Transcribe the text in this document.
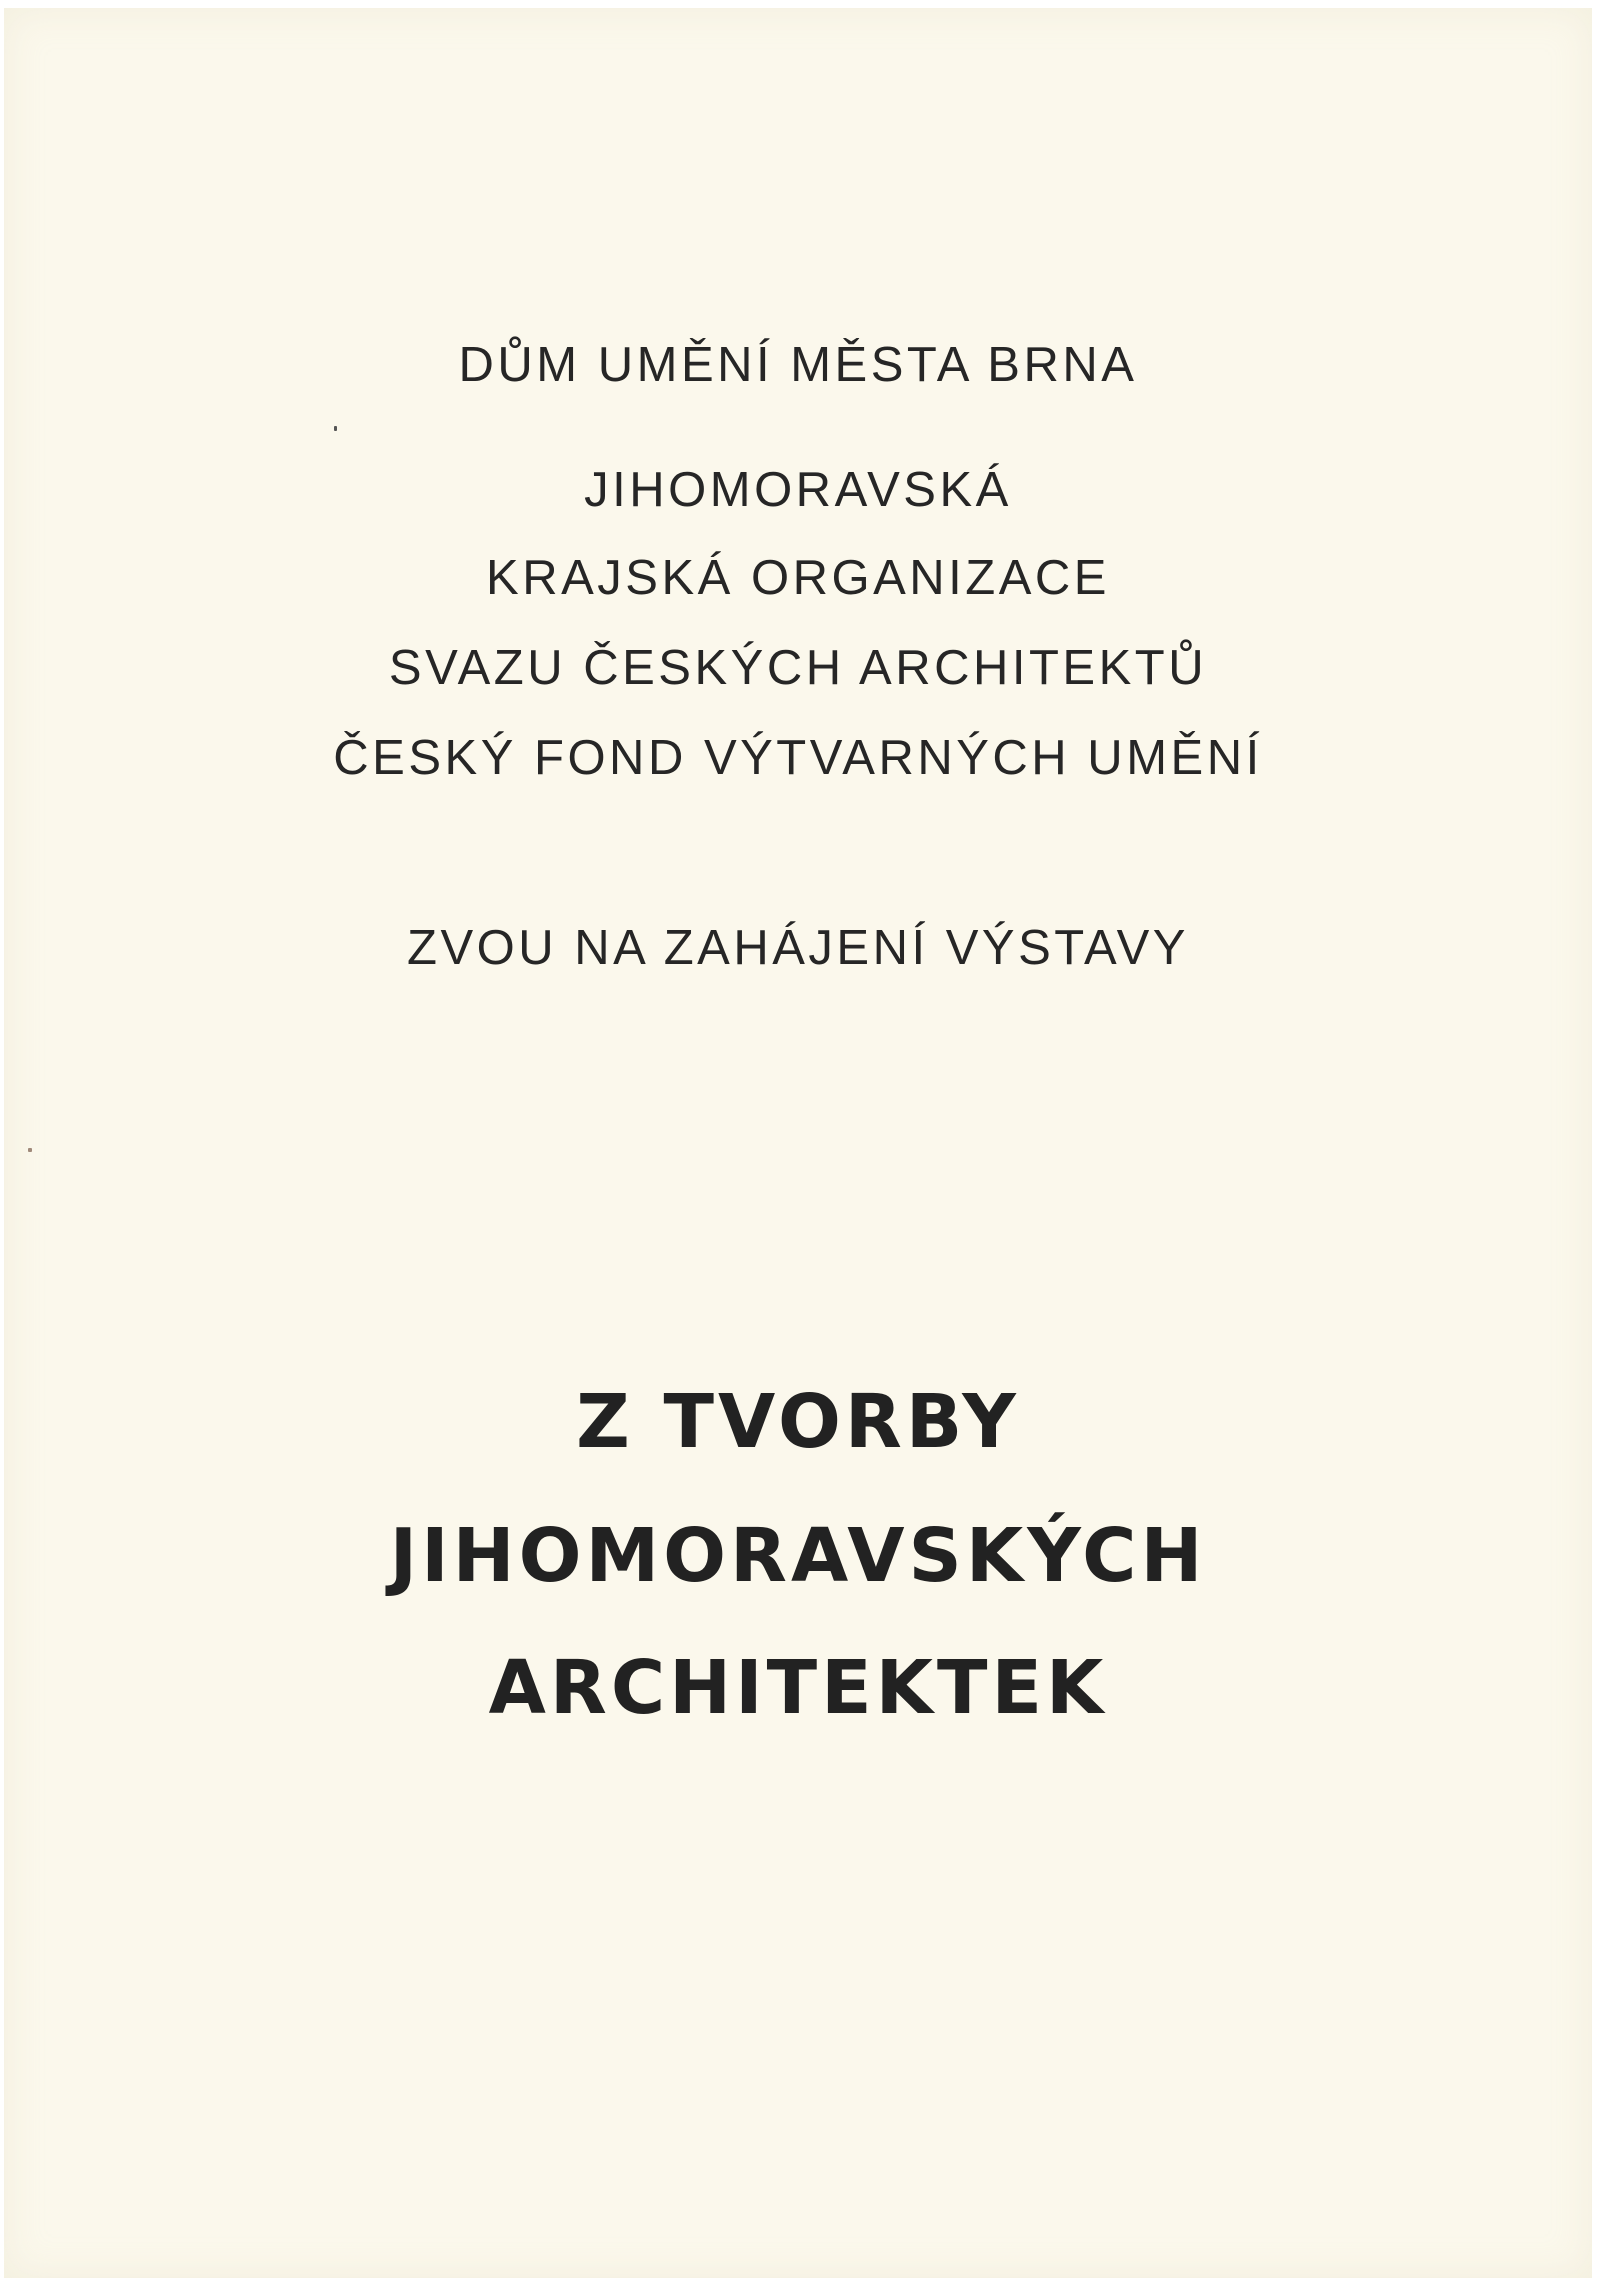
DŮM UMĚNÍ MĚSTA BRNA
JIHOMORAVSKÁ
KRAJSKÁ ORGANIZACE
SVAZU ČESKÝCH ARCHITEKTŮ
ČESKÝ FOND VÝTVARNÝCH UMĚNÍ
ZVOU NA ZAHÁJENÍ VÝSTAVY
Z TVORBY
JIHOMORAVSKÝCH
ARCHITEKTEK
